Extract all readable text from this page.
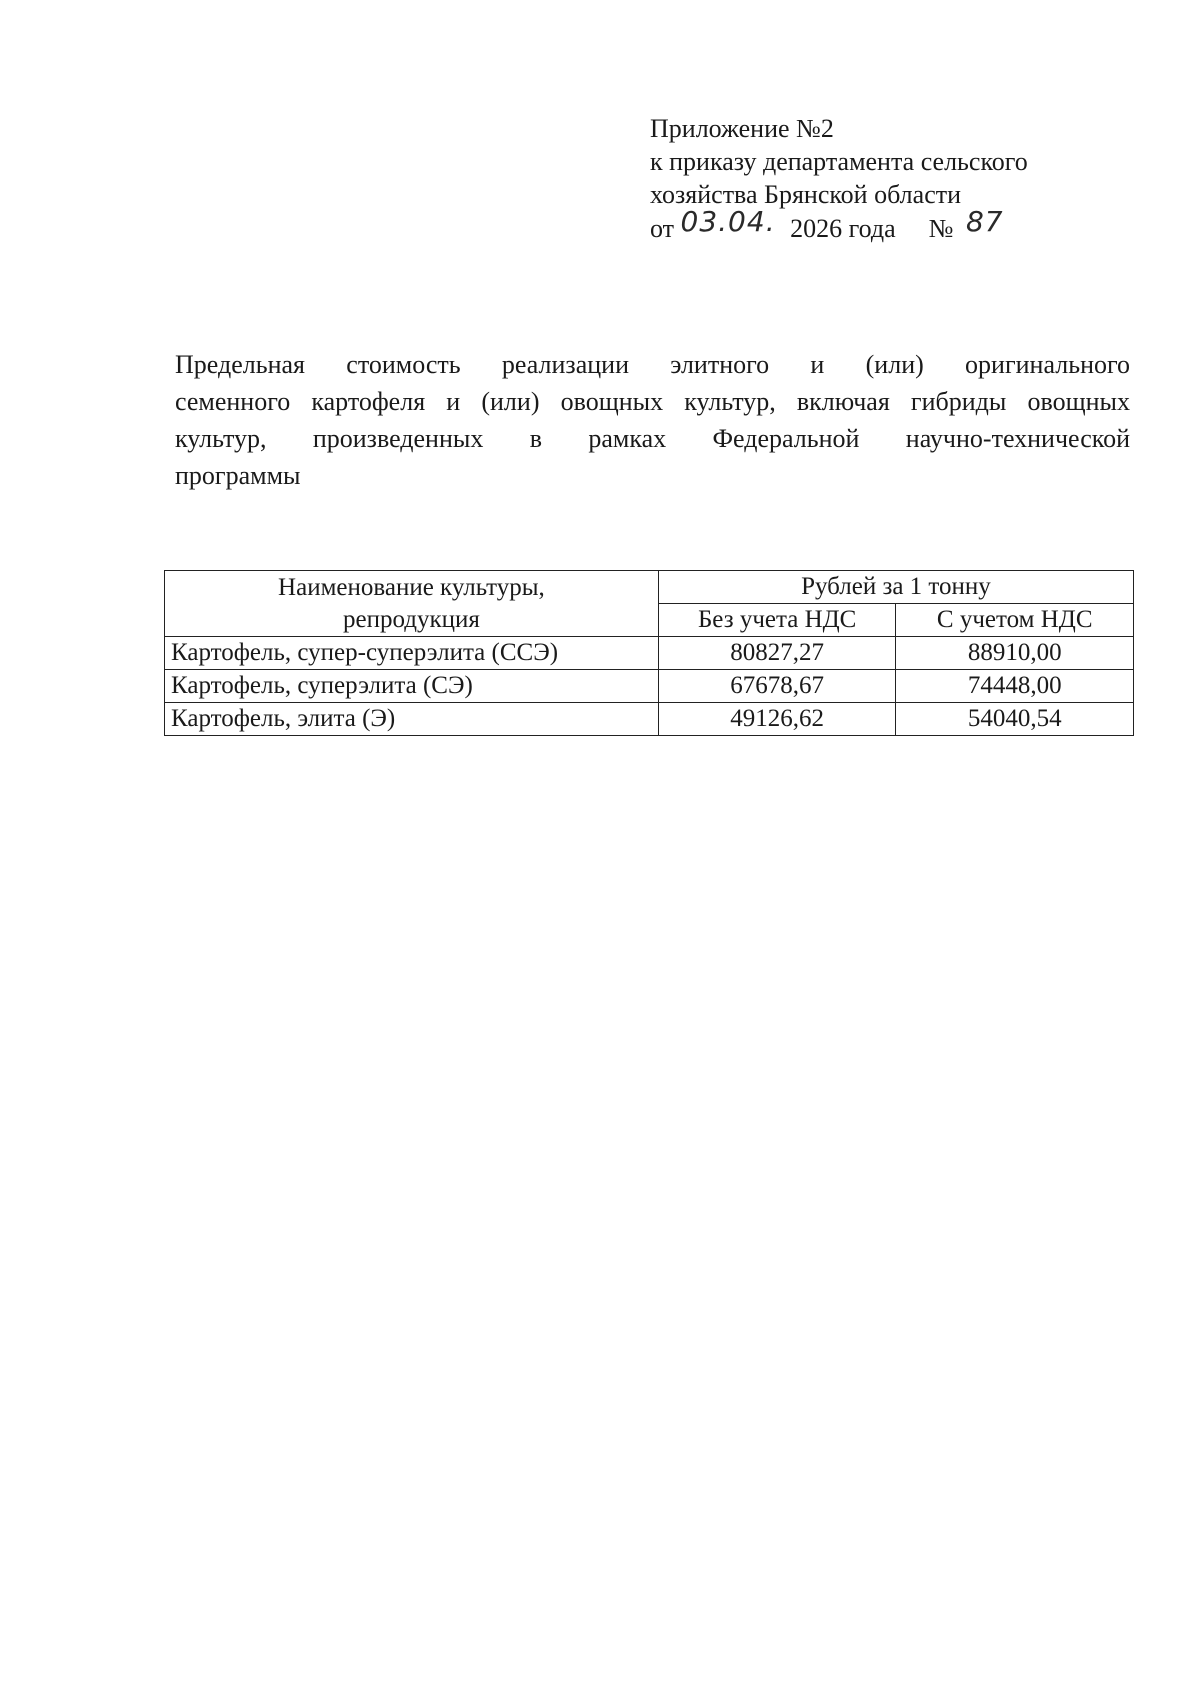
Приложение №2
к приказу департамента сельского
хозяйства Брянской области
от 03.04. 2026 года № 87
Предельная стоимость реализации элитного и (или) оригинального
семенного картофеля и (или) овощных культур, включая гибриды овощных
культур, произведенных в рамках Федеральной научно-технической
программы
Наименование культуры,
репродукция	Рублей за 1 тонну	
	Без учета НДС	С учетом НДС
Картофель, супер-суперэлита (ССЭ)	80827,27	88910,00
Картофель, суперэлита (СЭ)	67678,67	74448,00
Картофель, элита (Э)	49126,62	54040,54
